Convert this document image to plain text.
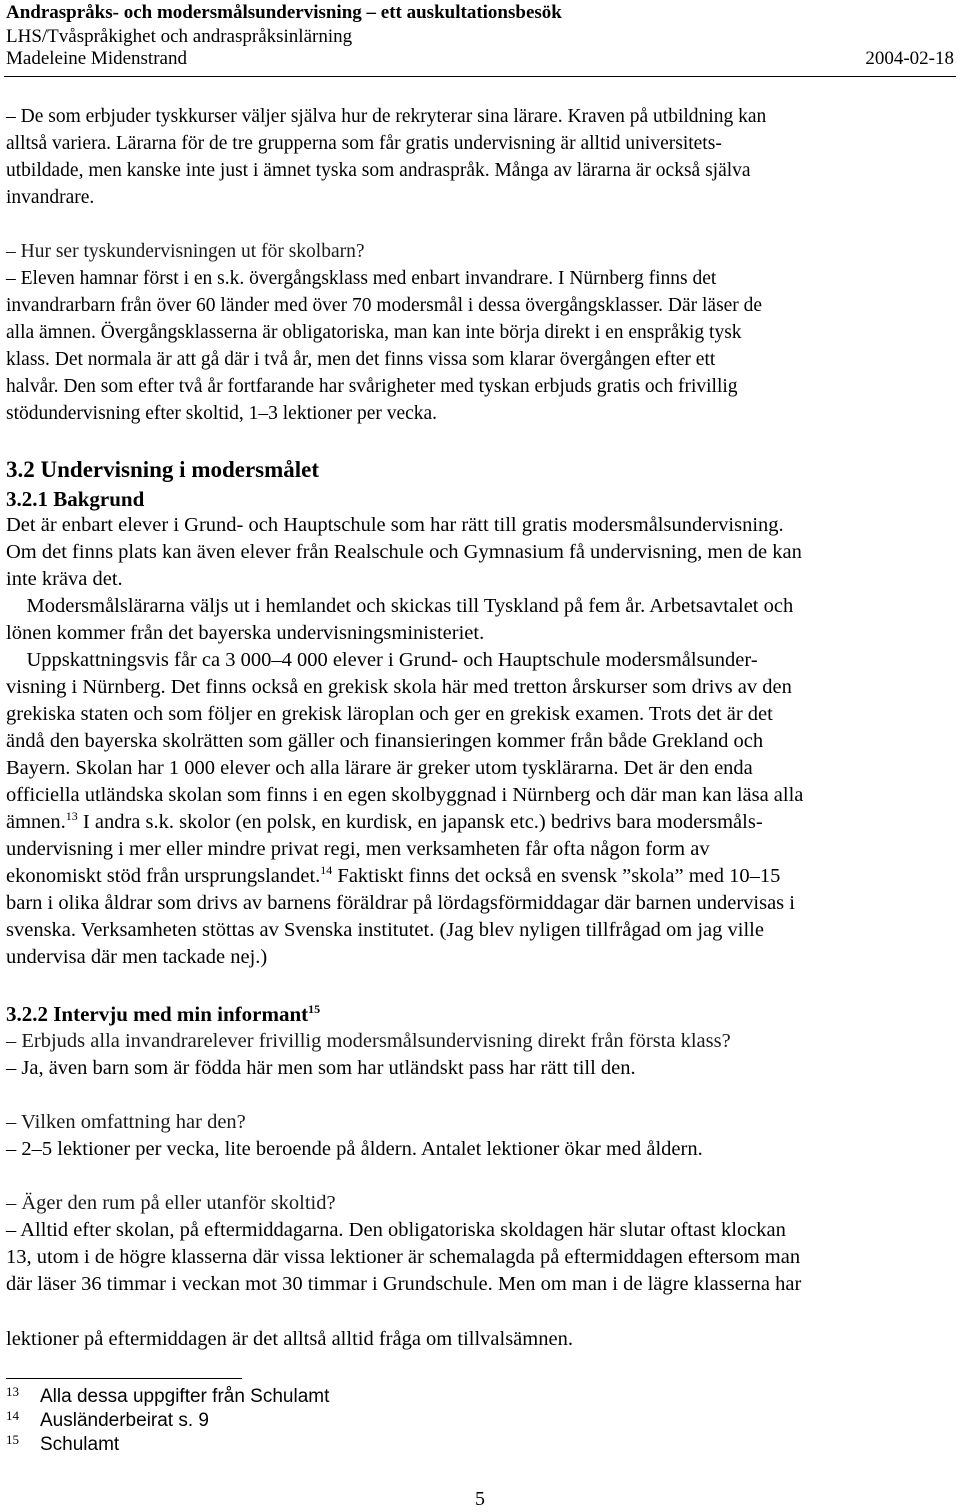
Andraspråks- och modersmålsundervisning – ett auskultationsbesök
LHS/Tvåspråkighet och andraspråksinlärning
Madeleine Midenstrand	2004-02-18
– De som erbjuder tyskkurser väljer själva hur de rekryterar sina lärare. Kraven på utbildning kan
alltså variera. Lärarna för de tre grupperna som får gratis undervisning är alltid universitets-
utbildade, men kanske inte just i ämnet tyska som andraspråk. Många av lärarna är också själva
invandrare.
– Hur ser tyskundervisningen ut för skolbarn?
– Eleven hamnar först i en s.k. övergångsklass med enbart invandrare. I Nürnberg finns det
invandrarbarn från över 60 länder med över 70 modersmål i dessa övergångsklasser. Där läser de
alla ämnen. Övergångsklasserna är obligatoriska, man kan inte börja direkt i en enspråkig tysk
klass. Det normala är att gå där i två år, men det finns vissa som klarar övergången efter ett
halvår. Den som efter två år fortfarande har svårigheter med tyskan erbjuds gratis och frivillig
stödundervisning efter skoltid, 1–3 lektioner per vecka.
3.2 Undervisning i modersmålet
3.2.1 Bakgrund
Det är enbart elever i Grund- och Hauptschule som har rätt till gratis modersmålsundervisning.
Om det finns plats kan även elever från Realschule och Gymnasium få undervisning, men de kan
inte kräva det.
Modersmålslärarna väljs ut i hemlandet och skickas till Tyskland på fem år. Arbetsavtalet och
lönen kommer från det bayerska undervisningsministeriet.
Uppskattningsvis får ca 3 000–4 000 elever i Grund- och Hauptschule modersmålsunder-
visning i Nürnberg. Det finns också en grekisk skola här med tretton årskurser som drivs av den
grekiska staten och som följer en grekisk läroplan och ger en grekisk examen. Trots det är det
ändå den bayerska skolrätten som gäller och finansieringen kommer från både Grekland och
Bayern. Skolan har 1 000 elever och alla lärare är greker utom tysklärarna. Det är den enda
officiella utländska skolan som finns i en egen skolbyggnad i Nürnberg och där man kan läsa alla
ämnen.$^{13}$ I andra s.k. skolor (en polsk, en kurdisk, en japansk etc.) bedrivs bara modersmåls-
undervisning i mer eller mindre privat regi, men verksamheten får ofta någon form av
ekonomiskt stöd från ursprungslandet.$^{14}$ Faktiskt finns det också en svensk ”skola” med 10–15
barn i olika åldrar som drivs av barnens föräldrar på lördagsförmiddagar där barnen undervisas i
svenska. Verksamheten stöttas av Svenska institutet. (Jag blev nyligen tillfrågad om jag ville
undervisa där men tackade nej.)
3.2.2 Intervju med min informant$^{15}$
– Erbjuds alla invandrarelever frivillig modersmålsundervisning direkt från första klass?
– Ja, även barn som är födda här men som har utländskt pass har rätt till den.
– Vilken omfattning har den?
– 2–5 lektioner per vecka, lite beroende på åldern. Antalet lektioner ökar med åldern.
– Äger den rum på eller utanför skoltid?
– Alltid efter skolan, på eftermiddagarna. Den obligatoriska skoldagen här slutar oftast klockan
13, utom i de högre klasserna där vissa lektioner är schemalagda på eftermiddagen eftersom man
där läser 36 timmar i veckan mot 30 timmar i Grundschule. Men om man i de lägre klasserna har
lektioner på eftermiddagen är det alltså alltid fråga om tillvalsämnen.
13 Alla dessa uppgifter från Schulamt
14 Ausländerbeirat s. 9
15 Schulamt
5
